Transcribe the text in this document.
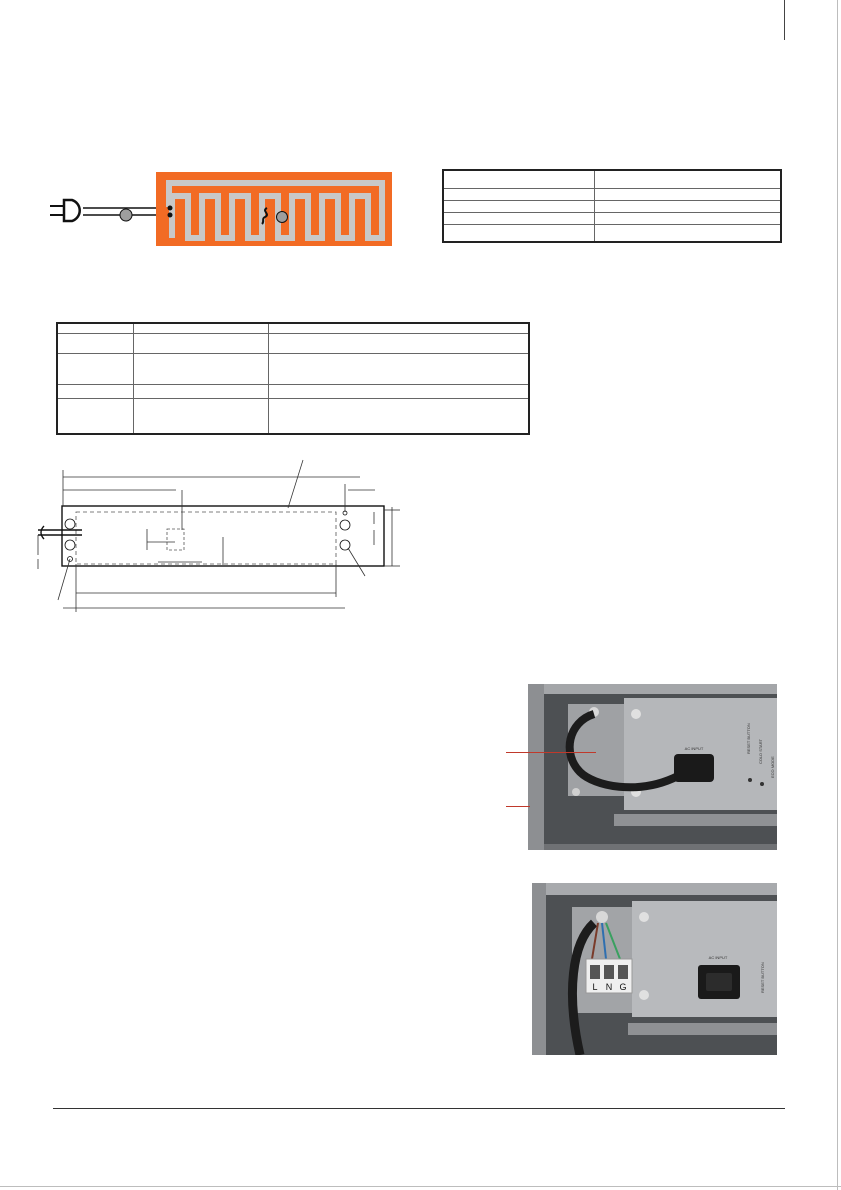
AC INPUT	RESET BUTTON COLD START
ECO MODE
L N G
AC INPUT
RESET BUTTON
